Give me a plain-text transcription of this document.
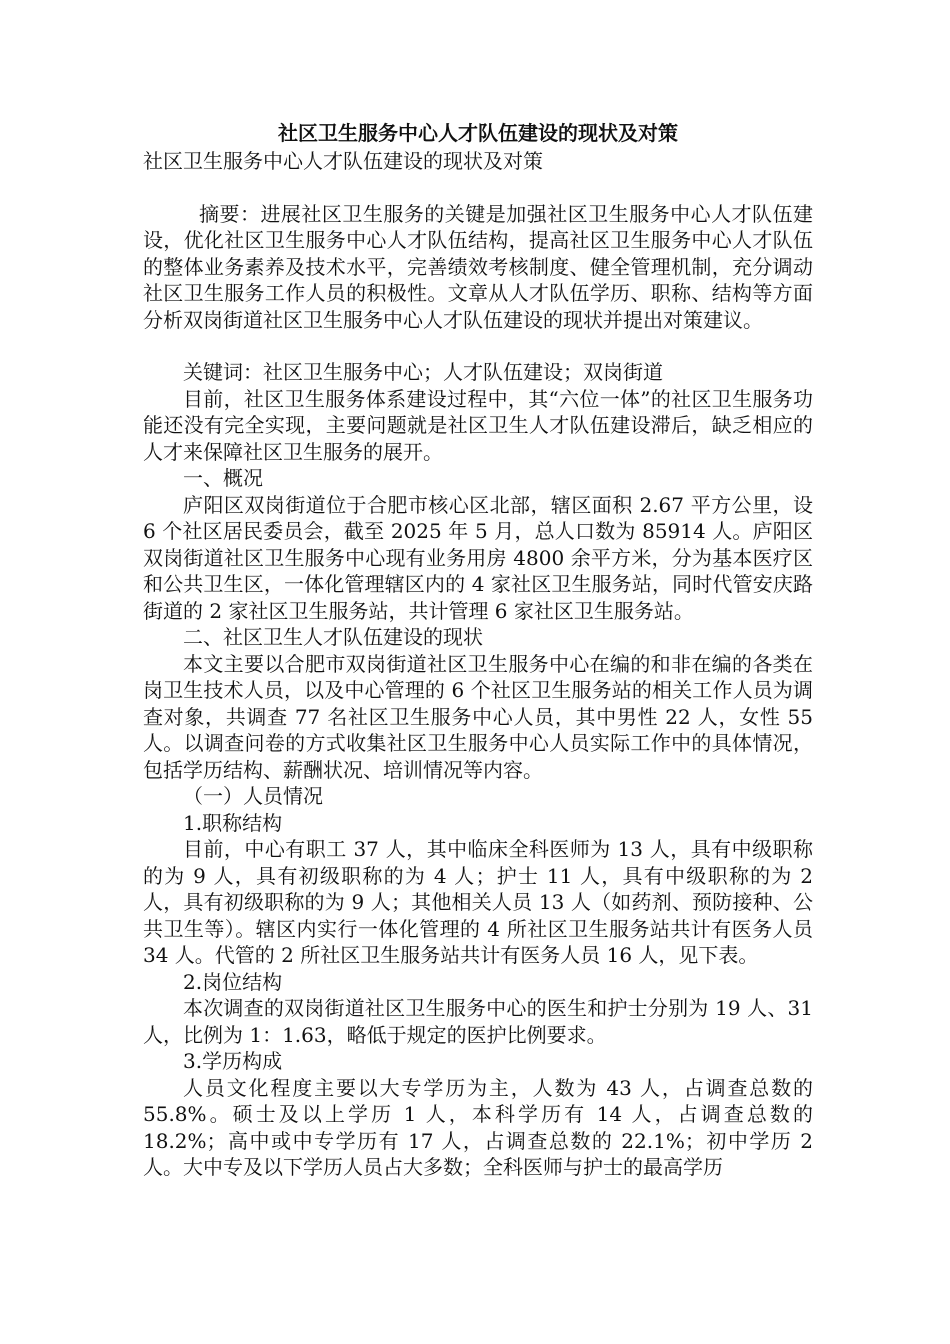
社区卫生服务中心人才队伍建设的现状及对策

社区卫生服务中心人才队伍建设的现状及对策

摘要：进展社区卫生服务的关键是加强社区卫生服务中心人才队伍建设，优化社区卫生服务中心人才队伍结构，提高社区卫生服务中心人才队伍的整体业务素养及技术水平，完善绩效考核制度、健全管理机制，充分调动社区卫生服务工作人员的积极性。文章从人才队伍学历、职称、结构等方面分析双岗街道社区卫生服务中心人才队伍建设的现状并提出对策建议。

关键词：社区卫生服务中心；人才队伍建设；双岗街道

目前，社区卫生服务体系建设过程中，其“六位一体”的社区卫生服务功能还没有完全实现，主要问题就是社区卫生人才队伍建设滞后，缺乏相应的人才来保障社区卫生服务的展开。

一、概况

庐阳区双岗街道位于合肥市核心区北部，辖区面积 2.67 平方公里，设 6 个社区居民委员会，截至 2025 年 5 月，总人口数为 85914 人。庐阳区双岗街道社区卫生服务中心现有业务用房 4800 余平方米，分为基本医疗区和公共卫生区，一体化管理辖区内的 4 家社区卫生服务站，同时代管安庆路街道的 2 家社区卫生服务站，共计管理 6 家社区卫生服务站。

二、社区卫生人才队伍建设的现状

本文主要以合肥市双岗街道社区卫生服务中心在编的和非在编的各类在岗卫生技术人员，以及中心管理的 6 个社区卫生服务站的相关工作人员为调查对象，共调查 77 名社区卫生服务中心人员，其中男性 22 人，女性 55 人。以调查问卷的方式收集社区卫生服务中心人员实际工作中的具体情况，包括学历结构、薪酬状况、培训情况等内容。

（一）人员情况

1.职称结构

目前，中心有职工 37 人，其中临床全科医师为 13 人，具有中级职称的为 9 人，具有初级职称的为 4 人；护士 11 人，具有中级职称的为 2 人，具有初级职称的为 9 人；其他相关人员 13 人（如药剂、预防接种、公共卫生等）。辖区内实行一体化管理的 4 所社区卫生服务站共计有医务人员 34 人。代管的 2 所社区卫生服务站共计有医务人员 16 人，见下表。

2.岗位结构

本次调查的双岗街道社区卫生服务中心的医生和护士分别为 19 人、31 人，比例为 1：1.63，略低于规定的医护比例要求。

3.学历构成

人员文化程度主要以大专学历为主，人数为 43 人，占调查总数的 55.8%。硕士及以上学历 1 人，本科学历有 14 人，占调查总数的 18.2%；高中或中专学历有 17 人，占调查总数的 22.1%；初中学历 2 人。大中专及以下学历人员占大多数；全科医师与护士的最高学历
